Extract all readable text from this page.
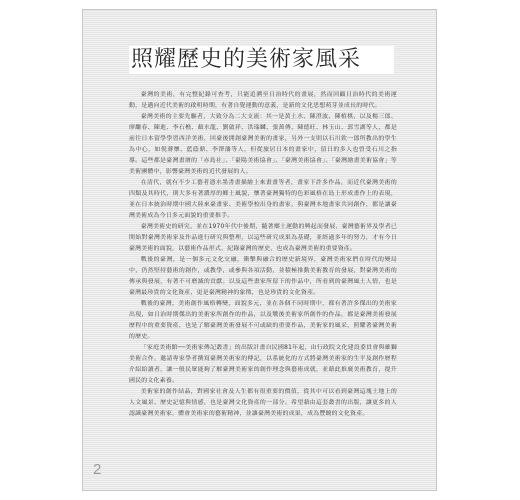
照耀歷史的美術家風采

臺灣的美術，有完整紀錄可查考，只能追溯至日治時代的畫展，然而回顧日治時代的美術運動，是邁向近代美術的啟明時期，有著自覺運動的意義，是新的文化思想萌芽並成長的時代。

臺灣美術的主要先驅者，大致分為二大支流：其一是黃土水、陳澄波、陳植棋、以及楊三郎、廖繼春、陳進、李石樵、顏水龍、劉啟祥、洪瑞麟、張萬傳、陳德旺、林玉山、郭雪湖等人，都是前往日本留學學習西洋美術，回臺後開創臺灣美術的畫家，另外一支則以石川欽一郎所教出的學生為中心，如倪蔣懷、藍蔭鼎、李澤藩等人，但從旅居日本的畫家中，留日的多人也曾受石川之指導。這些都是臺灣畫壇的「赤島社」、「臺陽美術協會」、「臺灣美術協會」、「臺灣繪畫美術協會」等美術團體中，影響臺灣美術的近代發展的人。

在清代，就有不少工藝者憑水墨書畫描繪上來畫畫等者，畫家下許多作品，而近代臺灣美術的四類及其時代，則大多有著濃厚的鄉土風貌，懷著臺灣獨特的色彩風格在島上形成畫作上的表現，並在日本統治時期中國大陸來臺畫家、美術學校出身的畫家，與臺灣本地畫家共同創作，都是讓臺灣美術成為今日多元面貌的重要推手。

臺灣美術史的研究，並在1970年代中後期，隨著鄉土運動的興起而發展，臺灣藝術界及學者已開始對臺灣美術家及作品進行研究與整理，以這些研究成果為基礎，並經過多年的努力，才有今日臺灣美術的面貌，以藝術作品形式，紀錄臺灣的歷史，也成為臺灣美術的重要資產。

戰後的臺灣，是一個多元文化交融，衝擊與融合的歷史新境界，臺灣美術家們在時代的變局中，仍然堅持藝術的創作，或教學，或參與各項活動，並積極推動美術教育的發展，對臺灣美術的傳承與發展，有著不可磨滅的貢獻。以及這些畫家所留下的作品中，所看到的臺灣風土人情，也是臺灣最珍貴的文化資產，更是臺灣精神的象徵，也是珍貴的文化資產。

戰後的臺灣，美術創作風格轉變，面貌多元，並在各個不同時期中，都有著許多傑出的美術家出現，如日治時期傑出的美術家所創作的作品，以及戰後美術家所創作的作品，都是臺灣美術發展歷程中的重要資產，也是了解臺灣美術發展不可或缺的重要作品，美術家的風采，照耀著臺灣美術的歷史。

「家庭美術館──美術家傳記叢書」的出版計畫自民國81年起，由行政院文化建設委員會與雄獅美術合作，邀請專家學者撰寫臺灣美術家的傳記，以系統化的方式將臺灣美術家的生平及創作歷程介紹給讀者，讓一般民眾能夠了解臺灣美術家的創作理念與藝術成就，並藉此推廣美術教育，提升國民的文化素養。

美術家的創作結晶，對國家社會及人生都有很重要的價值，從其中可以看到臺灣這塊土地上的人文風景、歷史記憶與情感，也是臺灣文化資產的一部分。希望藉由這套叢書的出版，讓更多的人認識臺灣美術家，體會美術家的藝術精神，並讓臺灣美術的成果，成為豐饒的文化資產。

2
